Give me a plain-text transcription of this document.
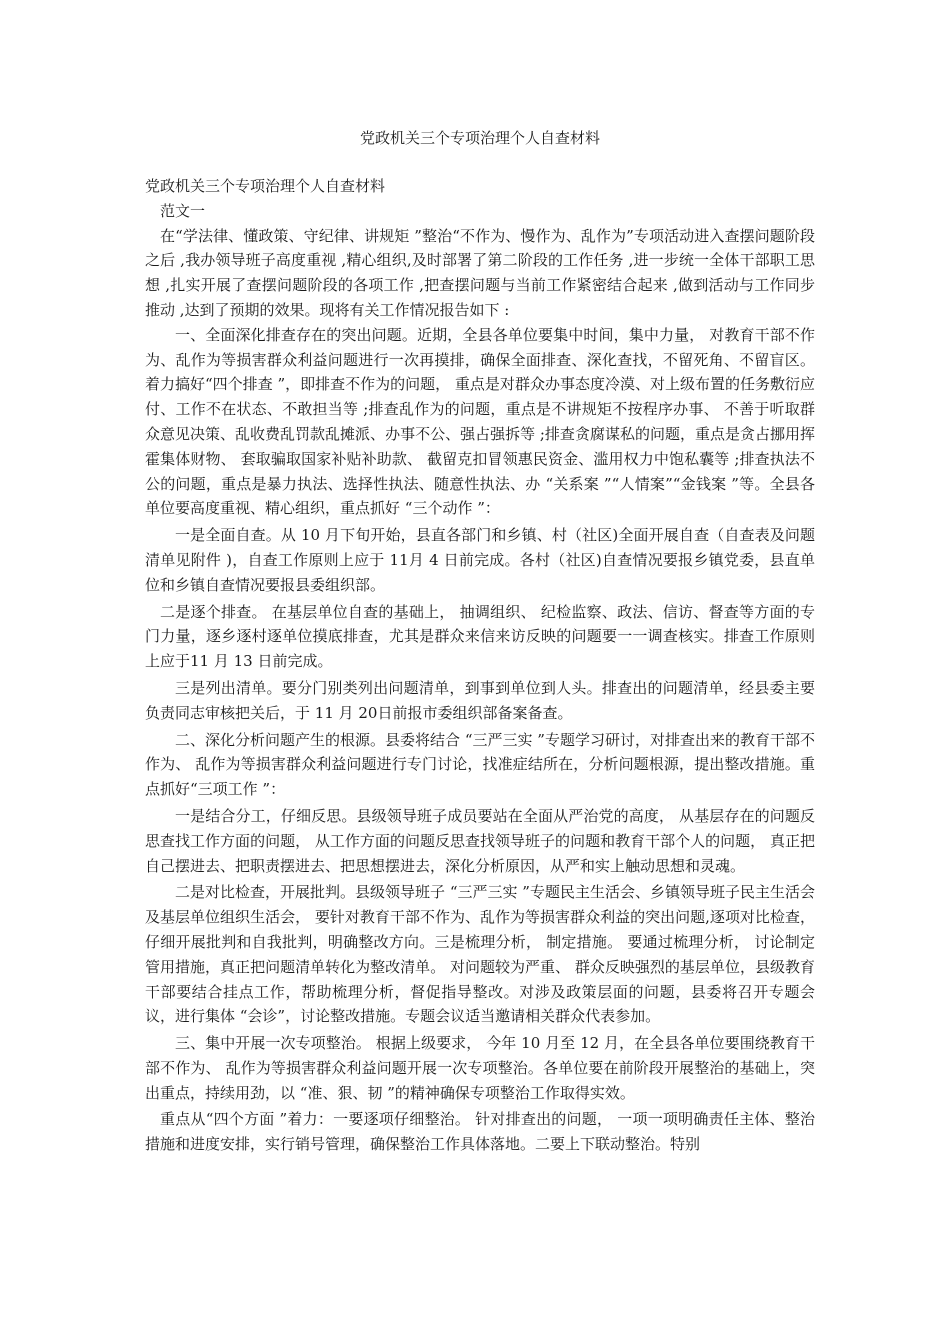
党政机关三个专项治理个人自查材料

党政机关三个专项治理个人自查材料

范文一

在“学法律、懂政策、守纪律、讲规矩 ”整治“不作为、慢作为、乱作为”专项活动进入查摆问题阶段之后 ,我办领导班子高度重视 ,精心组织,及时部署了第二阶段的工作任务 ,进一步统一全体干部职工思想 ,扎实开展了查摆问题阶段的各项工作 ,把查摆问题与当前工作紧密结合起来 ,做到活动与工作同步推动 ,达到了预期的效果。现将有关工作情况报告如下 :

一、全面深化排查存在的突出问题。近期，全县各单位要集中时间，集中力量， 对教育干部不作为、乱作为等损害群众利益问题进行一次再摸排，确保全面排查、深化查找，不留死角、不留盲区。着力搞好“四个排查 ”，即排查不作为的问题， 重点是对群众办事态度冷漠、对上级布置的任务敷衍应付、工作不在状态、不敢担当等 ;排查乱作为的问题，重点是不讲规矩不按程序办事、 不善于听取群众意见决策、乱收费乱罚款乱摊派、办事不公、强占强拆等 ;排查贪腐谋私的问题，重点是贪占挪用挥霍集体财物、 套取骗取国家补贴补助款、 截留克扣冒领惠民资金、滥用权力中饱私囊等 ;排查执法不公的问题，重点是暴力执法、选择性执法、随意性执法、办 “关系案 ”“人情案”“金钱案 ”等。全县各单位要高度重视、精心组织，重点抓好 “三个动作 ”：

一是全面自查。从 10 月下旬开始，县直各部门和乡镇、村（社区)全面开展自查（自查表及问题清单见附件 )，自查工作原则上应于 11月 4 日前完成。各村（社区)自查情况要报乡镇党委，县直单位和乡镇自查情况要报县委组织部。

二是逐个排查。 在基层单位自查的基础上， 抽调组织、 纪检监察、政法、信访、督查等方面的专门力量，逐乡逐村逐单位摸底排查，尤其是群众来信来访反映的问题要一一调查核实。排查工作原则上应于11 月 13 日前完成。

三是列出清单。要分门别类列出问题清单，到事到单位到人头。排查出的问题清单，经县委主要负责同志审核把关后，于 11 月 20日前报市委组织部备案备查。

二、深化分析问题产生的根源。县委将结合 “三严三实 ”专题学习研讨，对排查出来的教育干部不作为、 乱作为等损害群众利益问题进行专门讨论，找准症结所在，分析问题根源，提出整改措施。重点抓好“三项工作 ”：

一是结合分工，仔细反思。县级领导班子成员要站在全面从严治党的高度， 从基层存在的问题反思查找工作方面的问题， 从工作方面的问题反思查找领导班子的问题和教育干部个人的问题， 真正把自己摆进去、把职责摆进去、把思想摆进去，深化分析原因，从严和实上触动思想和灵魂。

二是对比检查，开展批判。县级领导班子 “三严三实 ”专题民主生活会、乡镇领导班子民主生活会及基层单位组织生活会， 要针对教育干部不作为、乱作为等损害群众利益的突出问题,逐项对比检查，仔细开展批判和自我批判，明确整改方向。三是梳理分析， 制定措施。 要通过梳理分析， 讨论制定管用措施，真正把问题清单转化为整改清单。 对问题较为严重、 群众反映强烈的基层单位，县级教育干部要结合挂点工作，帮助梳理分析，督促指导整改。对涉及政策层面的问题，县委将召开专题会议，进行集体 “会诊”，讨论整改措施。专题会议适当邀请相关群众代表参加。

三、集中开展一次专项整治。 根据上级要求， 今年 10 月至 12 月，在全县各单位要围绕教育干部不作为、 乱作为等损害群众利益问题开展一次专项整治。各单位要在前阶段开展整治的基础上，突出重点，持续用劲，以 “准、狠、韧 ”的精神确保专项整治工作取得实效。

重点从“四个方面 ”着力：一要逐项仔细整治。 针对排查出的问题， 一项一项明确责任主体、整治措施和进度安排，实行销号管理，确保整治工作具体落地。二要上下联动整治。特别
